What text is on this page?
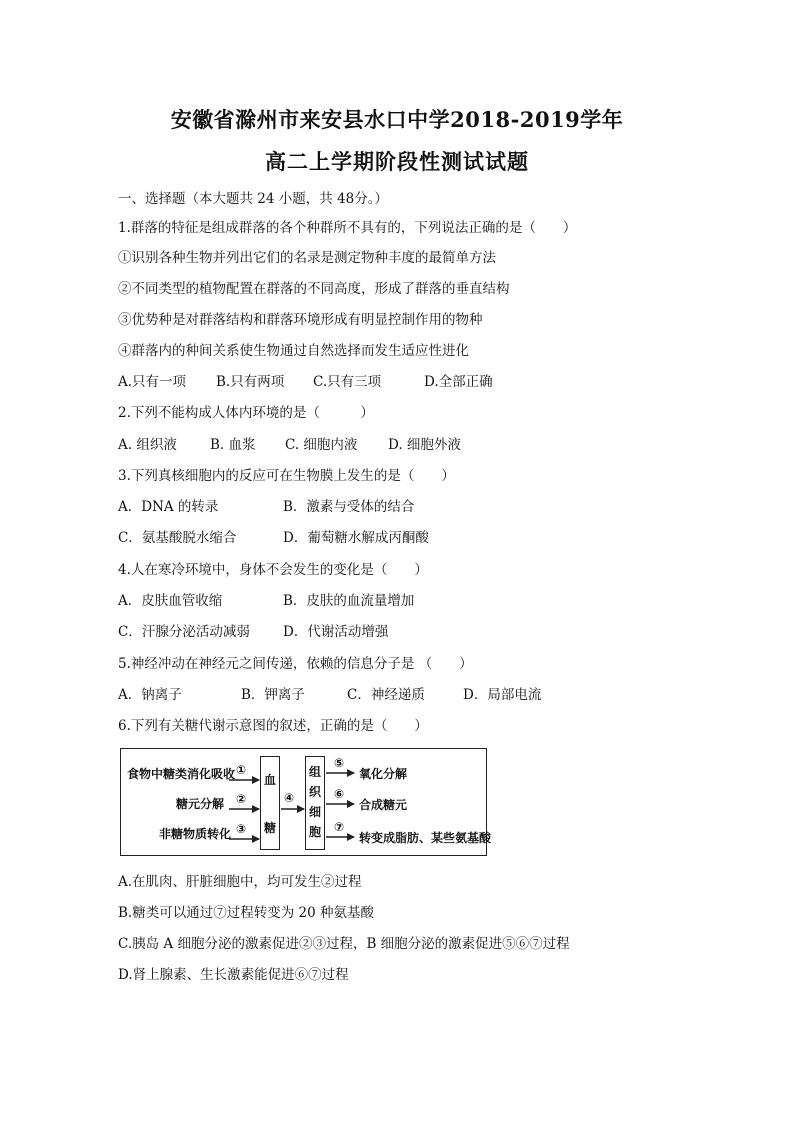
安徽省滁州市来安县水口中学2018-2019学年
高二上学期阶段性测试试题
一、选择题（本大题共 24 小题，共 48分。）
1.群落的特征是组成群落的各个种群所不具有的，下列说法正确的是（　　）
①识别各种生物并列出它们的名录是测定物种丰度的最简单方法
②不同类型的植物配置在群落的不同高度，形成了群落的垂直结构
③优势种是对群落结构和群落环境形成有明显控制作用的物种
④群落内的种间关系使生物通过自然选择而发生适应性进化
A.只有一项 B.只有两项 C.只有三项	D.全部正确
2.下列不能构成人体内环境的是（　　　）
A. 组织液 B. 血浆 C. 细胞内液 D. 细胞外液
3.下列真核细胞内的反应可在生物膜上发生的是（　　）
A．DNA 的转录	B．激素与受体的结合
C．氨基酸脱水缩合	D．葡萄糖水解成丙酮酸
4.人在寒冷环境中，身体不会发生的变化是（　　）
A．皮肤血管收缩	B．皮肤的血流量增加
C．汗腺分泌活动减弱 D．代谢活动增强
5.神经冲动在神经元之间传递，依赖的信息分子是 （　　）
A．钠离子	B．钾离子	C．神经递质	D．局部电流
6.下列有关糖代谢示意图的叙述，正确的是（　　）
食物中糖类消化吸收
糖元分解
非糖物质转化
①
②
③
血
糖
④
组
织
细
胞
⑤
⑥
⑦
氧化分解
合成糖元
转变成脂肪、某些氨基酸
A.在肌肉、肝脏细胞中，均可发生②过程
B.糖类可以通过⑦过程转变为 20 种氨基酸
C.胰岛 A 细胞分泌的激素促进②③过程，B 细胞分泌的激素促进⑤⑥⑦过程
D.肾上腺素、生长激素能促进⑥⑦过程
